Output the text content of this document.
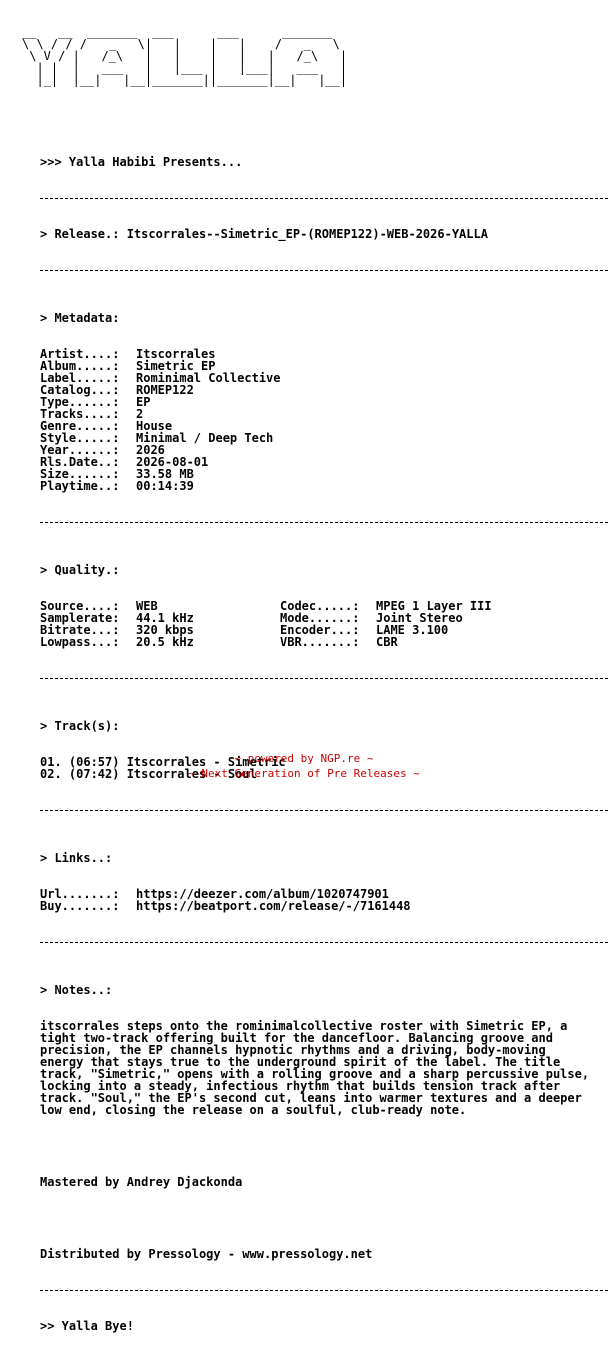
__   __  _______  ___      ___      _______
\ \ / / /   _   \|   |    |   |    /   _   \
\ V / |   /_\   |   |    |   |   |   /_\   |
| |  |   ___   |   |___ |   |___|   ___   |
|_|  |__|   |__|_______||_______|__|   |__|

>>> Yalla Habibi Presents...

> Release.:
Itscorrales--Simetric_EP-(ROMEP122)-WEB-2026-YALLA

> Metadata:

Artist....:	Itscorrales
Album.....:	Simetric EP
Label.....:	Rominimal Collective
Catalog...:	ROMEP122
Type......:	EP
Tracks....:	2
Genre.....:	House
Style.....:	Minimal / Deep Tech
Year......:	2026
Rls.Date..:	2026-08-01
Size......:	33.58 MB
Playtime..:	00:14:39

> Quality.:

Source....:	WEB	Codec.....:	MPEG 1 Layer III
Samplerate:	44.1 kHz	Mode......:	Joint Stereo
Bitrate...:	320 kbps	Encoder...:	LAME 3.100
Lowpass...:	20.5 kHz	VBR.......:	CBR

> Track(s):

01. (06:57) Itscorrales - Simetric
02. (07:42) Itscorrales - Soul

> Links..:

Url.......:	https://deezer.com/album/1020747901
Buy.......:	https://beatport.com/release/-/7161448

> Notes..:

itscorrales steps onto the rominimalcollective roster with Simetric EP, a tight two-track offering built for the dancefloor. Balancing groove and precision, the EP channels hypnotic rhythms and a driving, body-moving energy that stays true to the underground spirit of the label. The title track, "Simetric," opens with a rolling groove and a sharp percussive pulse, locking into a steady, infectious rhythm that builds tension track after track. "Soul," the EP's second cut, leans into warmer textures and a deeper low end, closing the release on a soulful, club-ready note.

Mastered by Andrey Djackonda

Distributed by Pressology - www.pressology.net

>> Yalla Bye!

~ powered by NGP.re ~
~ Next Generation of Pre Releases ~
